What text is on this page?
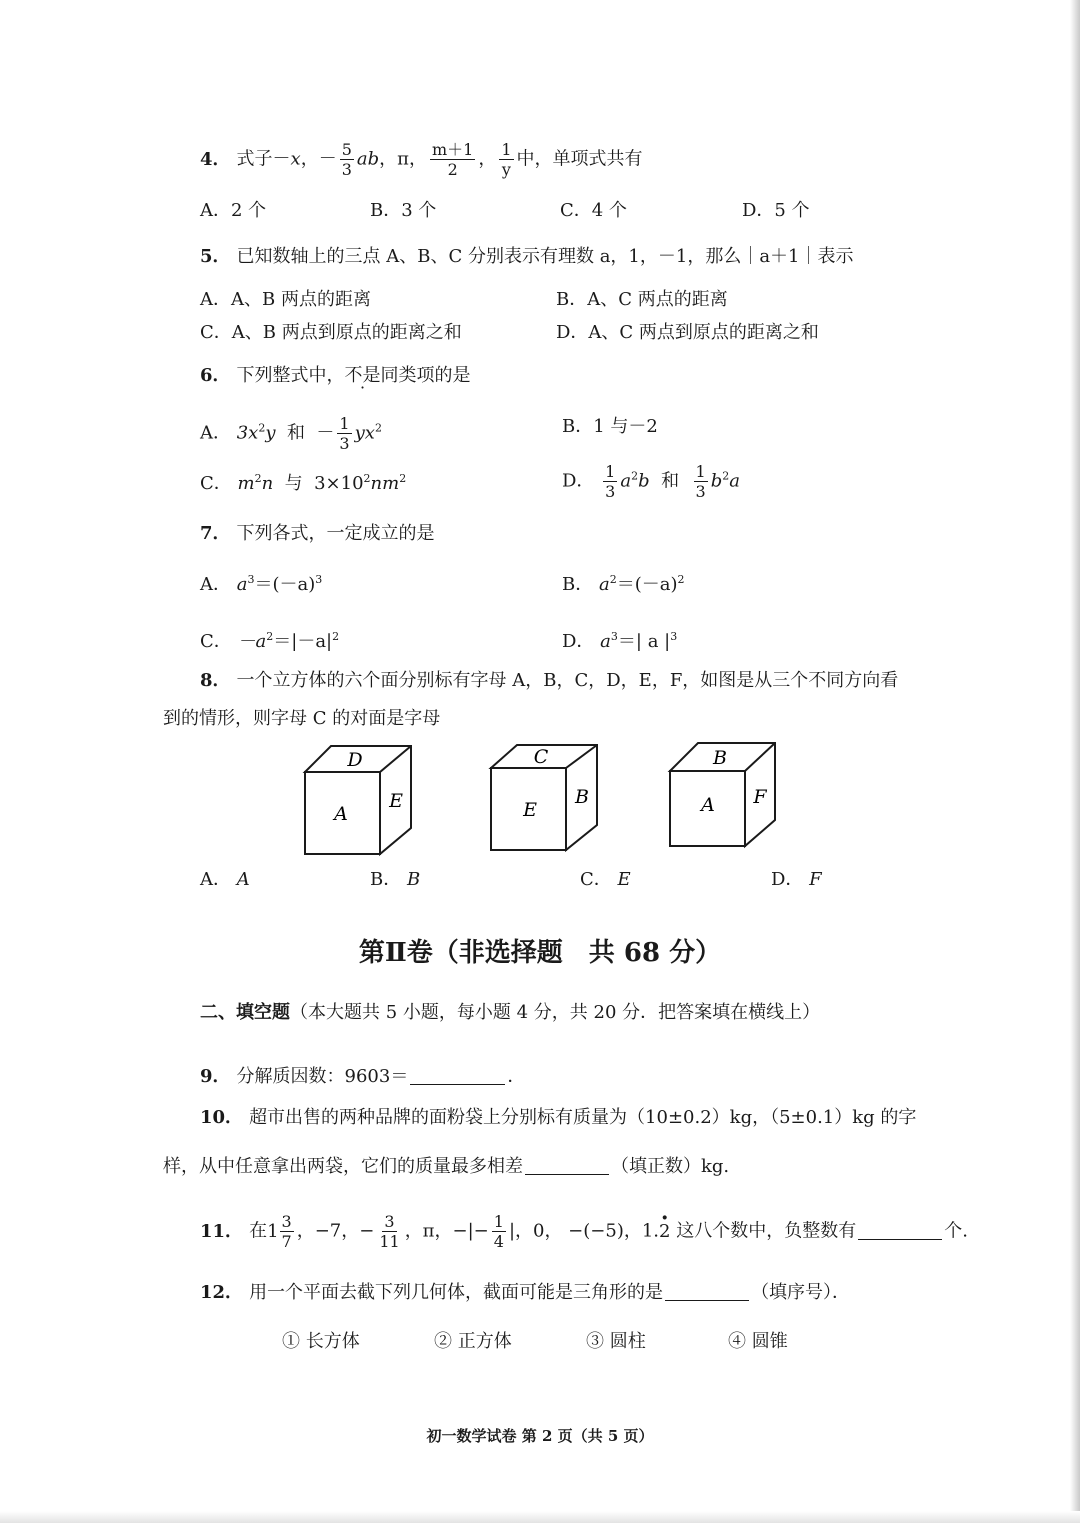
4． 式子－x，－ $\frac{5}{3}$ ab，π， $\frac{m+1}{2}$ ， $\frac{1}{y}$ 中，单项式共有
A．2 个	B．3 个	C．4 个	D．5 个
5． 已知数轴上的三点 A、B、C 分别表示有理数 a，1，－1，那么｜a＋1｜表示
A．A、B 两点的距离	B．A、C 两点的距离
C．A、B 两点到原点的距离之和	D．A、C 两点到原点的距离之和
6． 下列整式中，不是同类项的是
A． $3x^2y$ 和 － $\frac{1}{3} yx^2$	B．1 与－2
C． $m^2n$ 与 $3\times 10^2nm^2$	D． $\frac{1}{3} a^2b$ 和 $\frac{1}{3} b^2a$
7． 下列各式，一定成立的是
A． $a^3=(-a)^3$	B． $a^2=(-a)^2$
C． $-a^2=|-a|^2$	D． $a^3=|$ a $|^3$
8． 一个立方体的六个面分别标有字母 A，B，C，D，E，F，如图是从三个不同方向看
到的情形，则字母 C 的对面是字母
D
A
E
C
E
B
B
A F
A． A	B． B	C． E	D． F
第Ⅱ卷（非选择题　共 68 分）
二、填空题（本大题共 5 小题，每小题 4 分，共 20 分．把答案填在横线上）
9． 分解质因数：9603＝	．
10． 超市出售的两种品牌的面粉袋上分别标有质量为（10±0.2）kg，（5±0.1）kg 的字
样，从中任意拿出两袋，它们的质量最多相差	（填正数）kg.
11． 在 $1 \frac{3}{7}$ ，−7，− $\frac{3}{11}$ ，π，−|− $\frac{1}{4}$ |，0， −(−5)，1.· 2 这八个数中，负整数有	个.
12． 用一个平面去截下列几何体，截面可能是三角形的是	（填序号）．
① 长方体	② 正方体	③ 圆柱	④ 圆锥
初一数学试卷 第 2 页（共 5 页）
